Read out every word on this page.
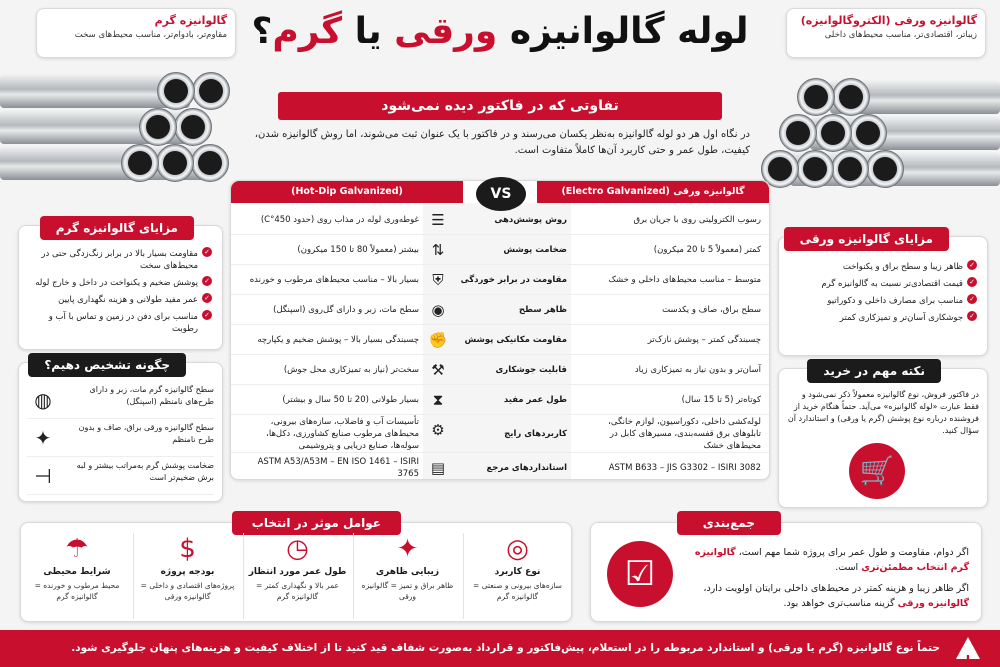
گالوانیزه گرم
مقاوم‌تر، بادوام‌تر، مناسب محیط‌های سخت
گالوانیزه ورقی (الکتروگالوانیزه)
زیباتر، اقتصادی‌تر، مناسب محیط‌های داخلی
لوله گالوانیزه ورقی یا گرم؟
تفاوتی که در فاکتور دیده نمی‌شود
در نگاه اول هر دو لوله گالوانیزه به‌نظر یکسان می‌رسند و در فاکتور با یک عنوان ثبت می‌شوند، اما روش گالوانیزه شدن، کیفیت، طول عمر و حتی کاربرد آن‌ها کاملاً متفاوت است.
گالوانیزه ورقی (Electro Galvanized)
(Hot-Dip Galvanized)
رسوب الکترولیتی روی با جریان برق
روش پوشش‌دهی
☰
غوطه‌وری لوله در مذاب روی (حدود 450°C)
کمتر (معمولاً 5 تا 20 میکرون)
ضخامت پوشش
⇅
بیشتر (معمولاً 80 تا 150 میکرون)
متوسط – مناسب محیط‌های داخلی و خشک
مقاومت در برابر خوردگی
⛨
بسیار بالا – مناسب محیط‌های مرطوب و خورنده
سطح براق، صاف و یکدست
ظاهر سطح
◉
سطح مات، زبر و دارای گل‌روی (اسپنگل)
چسبندگی کمتر – پوشش نازک‌تر
مقاومت مکانیکی پوشش
✊
چسبندگی بسیار بالا – پوشش ضخیم و یکپارچه
آسان‌تر و بدون نیاز به تمیزکاری زیاد
قابلیت جوشکاری
⚒
سخت‌تر (نیاز به تمیزکاری محل جوش)
کوتاه‌تر (5 تا 15 سال)
طول عمر مفید
⧗
بسیار طولانی (20 تا 50 سال و بیشتر)
لوله‌کشی داخلی، دکوراسیون، لوازم خانگی، تابلوهای برق قفسه‌بندی، مسیرهای کابل در محیط‌های خشک
کاربردهای رایج
⚙
تأسیسات آب و فاضلاب، سازه‌های بیرونی، محیط‌های مرطوب صنایع کشاورزی، دکل‌ها، سوله‌ها، صنایع دریایی و پتروشیمی
ASTM B633 – JIS G3302 – ISIRI 3082
استانداردهای مرجع
▤
ASTM A53/A53M – EN ISO 1461 – ISIRI 3765
VS
مزایای گالوانیزه گرم
✓ مقاومت بسیار بالا در برابر زنگ‌زدگی حتی در محیط‌های سخت
✓ پوشش ضخیم و یکنواخت در داخل و خارج لوله
✓ عمر مفید طولانی و هزینه نگهداری پایین
✓ مناسب برای دفن در زمین و تماس با آب و رطوبت
چگونه تشخیص دهیم؟
سطح گالوانیزه گرم مات، زبر و دارای طرح‌های نامنظم (اسپنگل)
◍
سطح گالوانیزه ورقی براق، صاف و بدون طرح نامنظم
✦
ضخامت پوشش گرم به‌مراتب بیشتر و لبه برش ضخیم‌تر است
⊢
مزایای گالوانیزه ورقی
✓ ظاهر زیبا و سطح براق و یکنواخت
✓ قیمت اقتصادی‌تر نسبت به گالوانیزه گرم
✓ مناسب برای مصارف داخلی و دکوراتیو
✓ جوشکاری آسان‌تر و تمیزکاری کمتر
نکته مهم در خرید
در فاکتور فروش، نوع گالوانیزه معمولاً ذکر نمی‌شود و فقط عبارت «لوله گالوانیزه» می‌آید. حتماً هنگام خرید از فروشنده درباره نوع پوشش (گرم یا ورقی) و استاندارد آن سؤال کنید.
🛒
عوامل موثر در انتخاب
◎
نوع کاربرد
سازه‌های بیرونی و صنعتی = گالوانیزه گرم
✦
زیبایی ظاهری
ظاهر براق و تمیز = گالوانیزه ورقی
◷
طول عمر مورد انتظار
عمر بالا و نگهداری کمتر = گالوانیزه گرم
$
بودجه پروژه
پروژه‌های اقتصادی و داخلی = گالوانیزه ورقی
☂
شرایط محیطی
محیط مرطوب و خورنده = گالوانیزه گرم
جمع‌بندی
اگر دوام، مقاومت و طول عمر برای پروژه شما مهم است، گالوانیزه گرم انتخاب مطمئن‌تری است.
اگر ظاهر زیبا و هزینه کمتر در محیط‌های داخلی برایتان اولویت دارد، گالوانیزه ورقی گزینه مناسب‌تری خواهد بود.
☑
!
حتماً نوع گالوانیزه (گرم یا ورقی) و استاندارد مربوطه را در استعلام، پیش‌فاکتور و قرارداد به‌صورت شفاف قید کنید تا از اختلاف کیفیت و هزینه‌های پنهان جلوگیری شود.
